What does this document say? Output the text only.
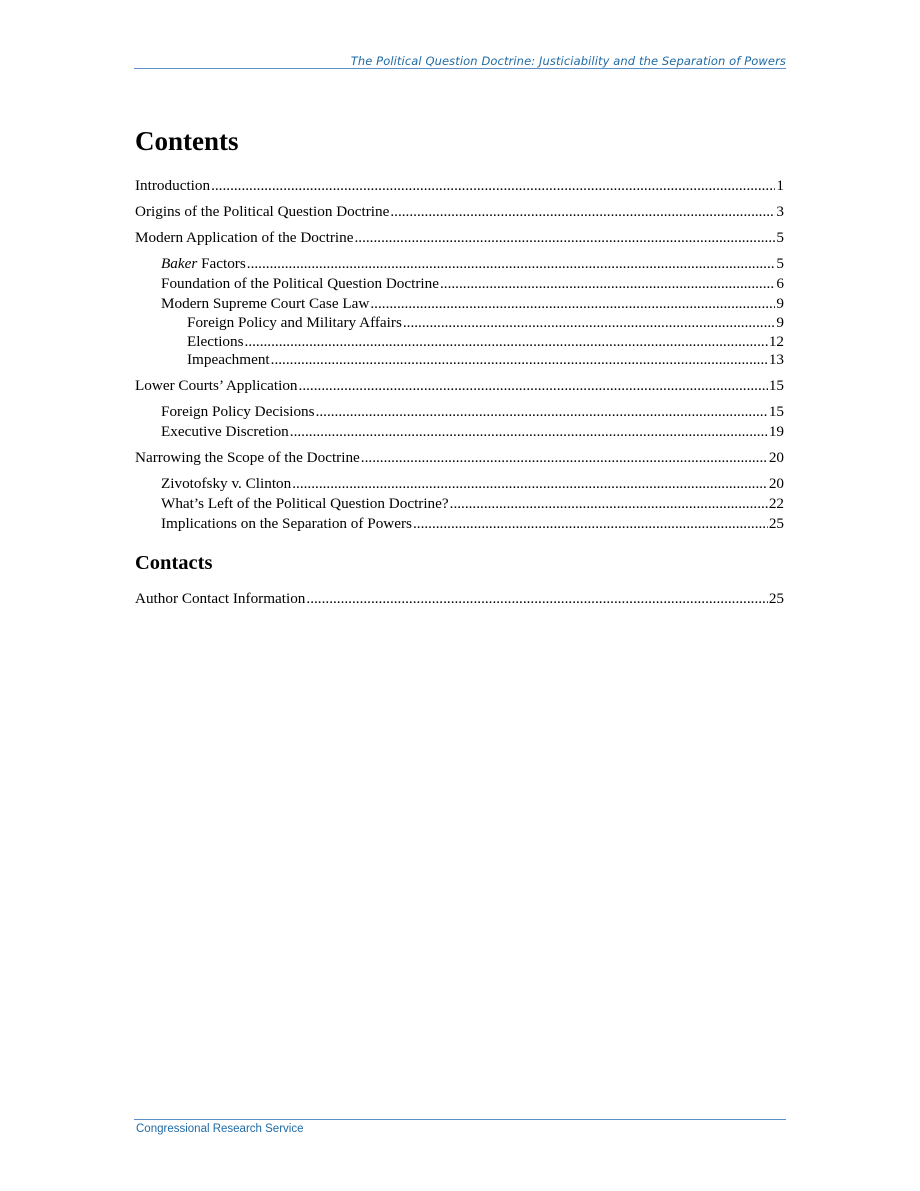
The Political Question Doctrine: Justiciability and the Separation of Powers
Contents
Introduction .....	1
Origins of the Political Question Doctrine .....	3
Modern Application of the Doctrine .....	5
Baker Factors .....	5
Foundation of the Political Question Doctrine .....	6
Modern Supreme Court Case Law .....	9
Foreign Policy and Military Affairs .....	9
Elections .....	12
Impeachment .....	13
Lower Courts’ Application .....	15
Foreign Policy Decisions .....	15
Executive Discretion .....	19
Narrowing the Scope of the Doctrine .....	20
Zivotofsky v. Clinton .....	20
What’s Left of the Political Question Doctrine? .....	22
Implications on the Separation of Powers .....	25
Contacts
Author Contact Information .....	25
Congressional Research Service
